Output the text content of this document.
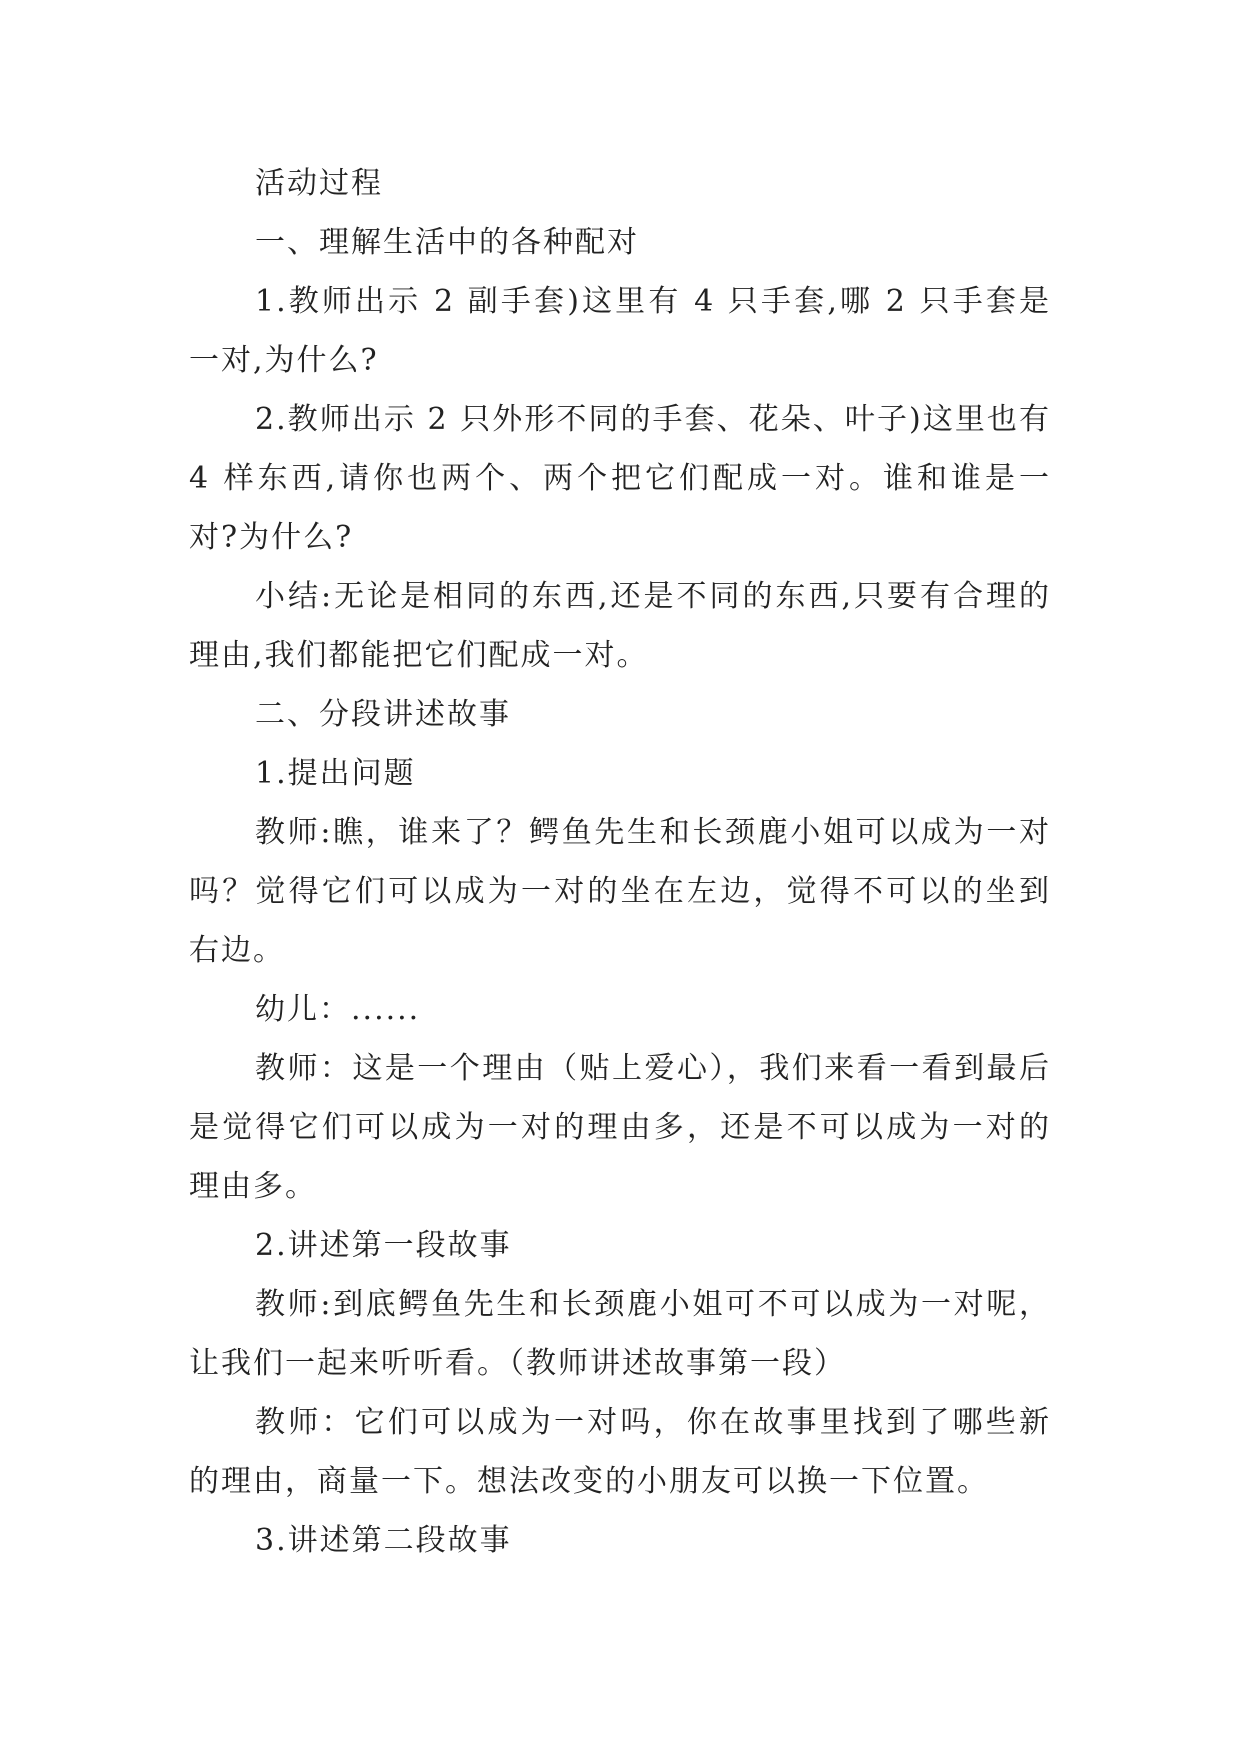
活动过程

一、理解生活中的各种配对

1.教师出示 2 副手套)这里有 4 只手套,哪 2 只手套是一对,为什么?

2.教师出示 2 只外形不同的手套、花朵、叶子)这里也有 4 样东西,请你也两个、两个把它们配成一对。谁和谁是一对?为什么?

小结:无论是相同的东西,还是不同的东西,只要有合理的理由,我们都能把它们配成一对。

二、分段讲述故事

1.提出问题

教师:瞧，谁来了？鳄鱼先生和长颈鹿小姐可以成为一对吗？觉得它们可以成为一对的坐在左边，觉得不可以的坐到右边。

幼儿：......

教师：这是一个理由（贴上爱心），我们来看一看到最后是觉得它们可以成为一对的理由多，还是不可以成为一对的理由多。

2.讲述第一段故事

教师:到底鳄鱼先生和长颈鹿小姐可不可以成为一对呢，让我们一起来听听看。（教师讲述故事第一段）

教师：它们可以成为一对吗，你在故事里找到了哪些新的理由，商量一下。想法改变的小朋友可以换一下位置。

3.讲述第二段故事
